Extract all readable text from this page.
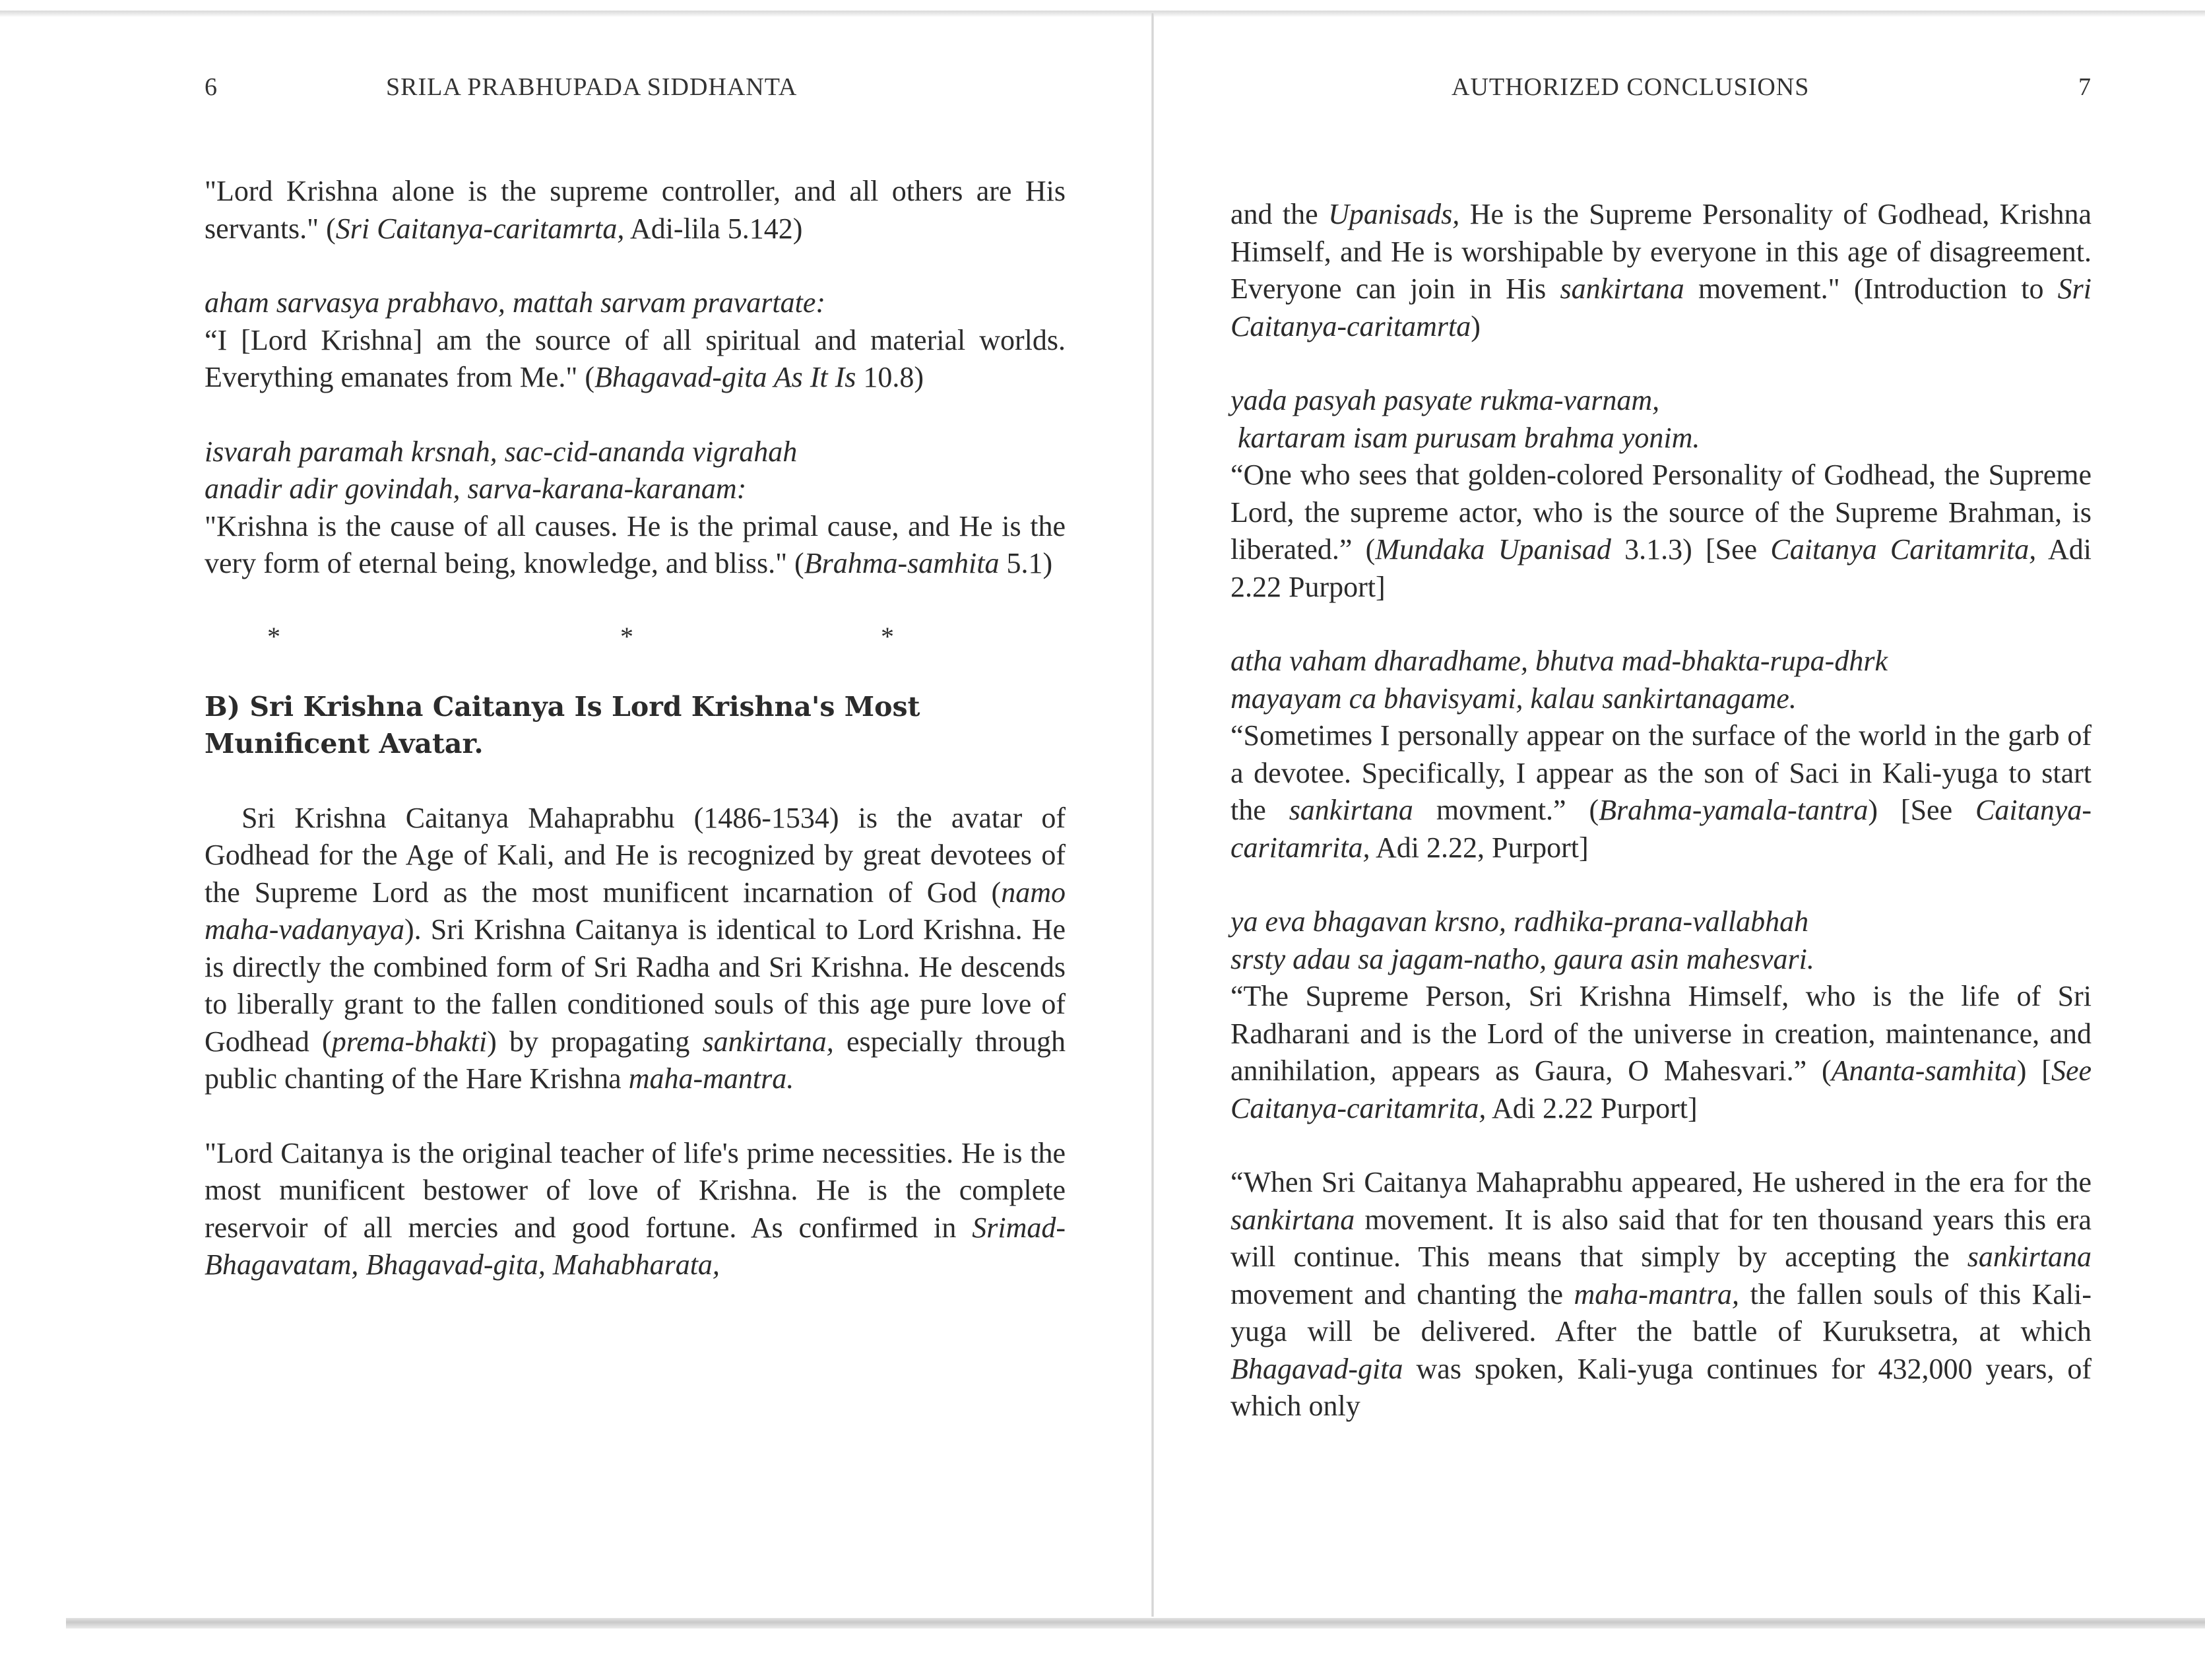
6	SRILA PRABHUPADA SIDDHANTA

"Lord Krishna alone is the supreme controller, and all others are His servants." (Sri Caitanya-caritamrta, Adi-lila 5.142)

aham sarvasya prabhavo, mattah sarvam pravartate:

“I [Lord Krishna] am the source of all spiritual and material worlds. Everything emanates from Me." (Bhagavad-gita As It Is 10.8)

isvarah paramah krsnah, sac-cid-ananda vigrahah

anadir adir govindah, sarva-karana-karanam:

"Krishna is the cause of all causes. He is the primal cause, and He is the very form of eternal being, knowledge, and bliss." (Brahma-samhita 5.1)

*	*	*

B) Sri Krishna Caitanya Is Lord Krishna's Most Munificent Avatar.

Sri Krishna Caitanya Mahaprabhu (1486-1534) is the avatar of Godhead for the Age of Kali, and He is recognized by great devotees of the Supreme Lord as the most munificent incarnation of God (namo maha-vadanyaya). Sri Krishna Caitanya is identical to Lord Krishna. He is directly the combined form of Sri Radha and Sri Krishna. He descends to liberally grant to the fallen conditioned souls of this age pure love of Godhead (prema-bhakti) by propagating sankirtana, especially through public chanting of the Hare Krishna maha-mantra.

"Lord Caitanya is the original teacher of life's prime necessities. He is the most munificent bestower of love of Krishna. He is the complete reservoir of all mercies and good fortune. As confirmed in Srimad-Bhagavatam, Bhagavad-gita, Mahabharata,

AUTHORIZED CONCLUSIONS	7

and the Upanisads, He is the Supreme Personality of Godhead, Krishna Himself, and He is worshipable by everyone in this age of disagreement. Everyone can join in His sankirtana movement." (Introduction to Sri Caitanya-caritamrta)

yada pasyah pasyate rukma-varnam,

kartaram isam purusam brahma yonim.

“One who sees that golden-colored Personality of Godhead, the Supreme Lord, the supreme actor, who is the source of the Supreme Brahman, is liberated.” (Mundaka Upanisad 3.1.3) [See Caitanya Caritamrita, Adi 2.22 Purport]

atha vaham dharadhame, bhutva mad-bhakta-rupa-dhrk

mayayam ca bhavisyami, kalau sankirtanagame.

“Sometimes I personally appear on the surface of the world in the garb of a devotee. Specifically, I appear as the son of Saci in Kali-yuga to start the sankirtana movment.” (Brahma-yamala-tantra) [See Caitanya-caritamrita, Adi 2.22, Purport]

ya eva bhagavan krsno, radhika-prana-vallabhah

srsty adau sa jagam-natho, gaura asin mahesvari.

“The Supreme Person, Sri Krishna Himself, who is the life of Sri Radharani and is the Lord of the universe in creation, maintenance, and annihilation, appears as Gaura, O Mahesvari.” (Ananta-samhita) [See Caitanya-caritamrita, Adi 2.22 Purport]

“When Sri Caitanya Mahaprabhu appeared, He ushered in the era for the sankirtana movement. It is also said that for ten thousand years this era will continue. This means that simply by accepting the sankirtana movement and chanting the maha-mantra, the fallen souls of this Kali-yuga will be delivered. After the battle of Kuruksetra, at which Bhagavad-gita was spoken, Kali-yuga continues for 432,000 years, of which only
